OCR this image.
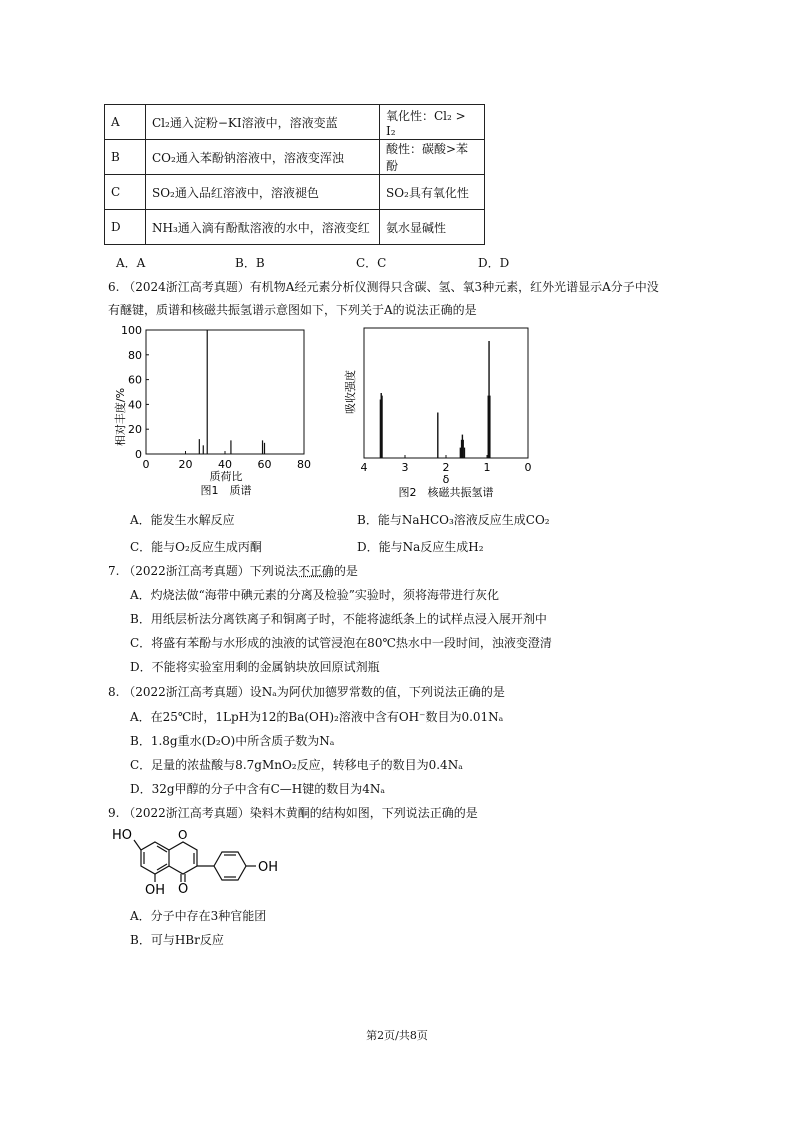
A	Cl₂通入淀粉−KI溶液中，溶液变蓝	氧化性：Cl₂ > I₂
B	CO₂通入苯酚钠溶液中，溶液变浑浊	酸性：碳酸>苯酚
C	SO₂通入品红溶液中，溶液褪色	SO₂具有氧化性
D	NH₃通入滴有酚酞溶液的水中，溶液变红	氨水显碱性
A．A	B．B	C．C	D．D
6. （2024浙江高考真题）有机物A经元素分析仪测得只含碳、氢、氧3种元素，红外光谱显示A分子中没
有醚键，质谱和核磁共振氢谱示意图如下，下列关于A的说法正确的是
0
20
40
60
80
100
0	20 40 60 80
相对丰度/%
质荷比
图1　质谱
4	3	2	1	0
吸收强度
δ
图2　核磁共振氢谱
A．能发生水解反应	B．能与NaHCO₃溶液反应生成CO₂
C．能与O₂反应生成丙酮	D．能与Na反应生成H₂
7. （2022浙江高考真题）下列说法不正确的是
A．灼烧法做“海带中碘元素的分离及检验”实验时，须将海带进行灰化
B．用纸层析法分离铁离子和铜离子时，不能将滤纸条上的试样点浸入展开剂中
C．将盛有苯酚与水形成的浊液的试管浸泡在80℃热水中一段时间，浊液变澄清
D．不能将实验室用剩的金属钠块放回原试剂瓶
8. （2022浙江高考真题）设Nₐ为阿伏加德罗常数的值，下列说法正确的是
A．在25℃时，1LpH为12的Ba(OH)₂溶液中含有OH⁻数目为0.01Nₐ
B．1.8g重水(D₂O)中所含质子数为Nₐ
C．足量的浓盐酸与8.7gMnO₂反应，转移电子的数目为0.4Nₐ
D．32g甲醇的分子中含有C—H键的数目为4Nₐ
9. （2022浙江高考真题）染料木黄酮的结构如图，下列说法正确的是
HO	O
OH O
OH
A．分子中存在3种官能团
B．可与HBr反应
第2页/共8页
